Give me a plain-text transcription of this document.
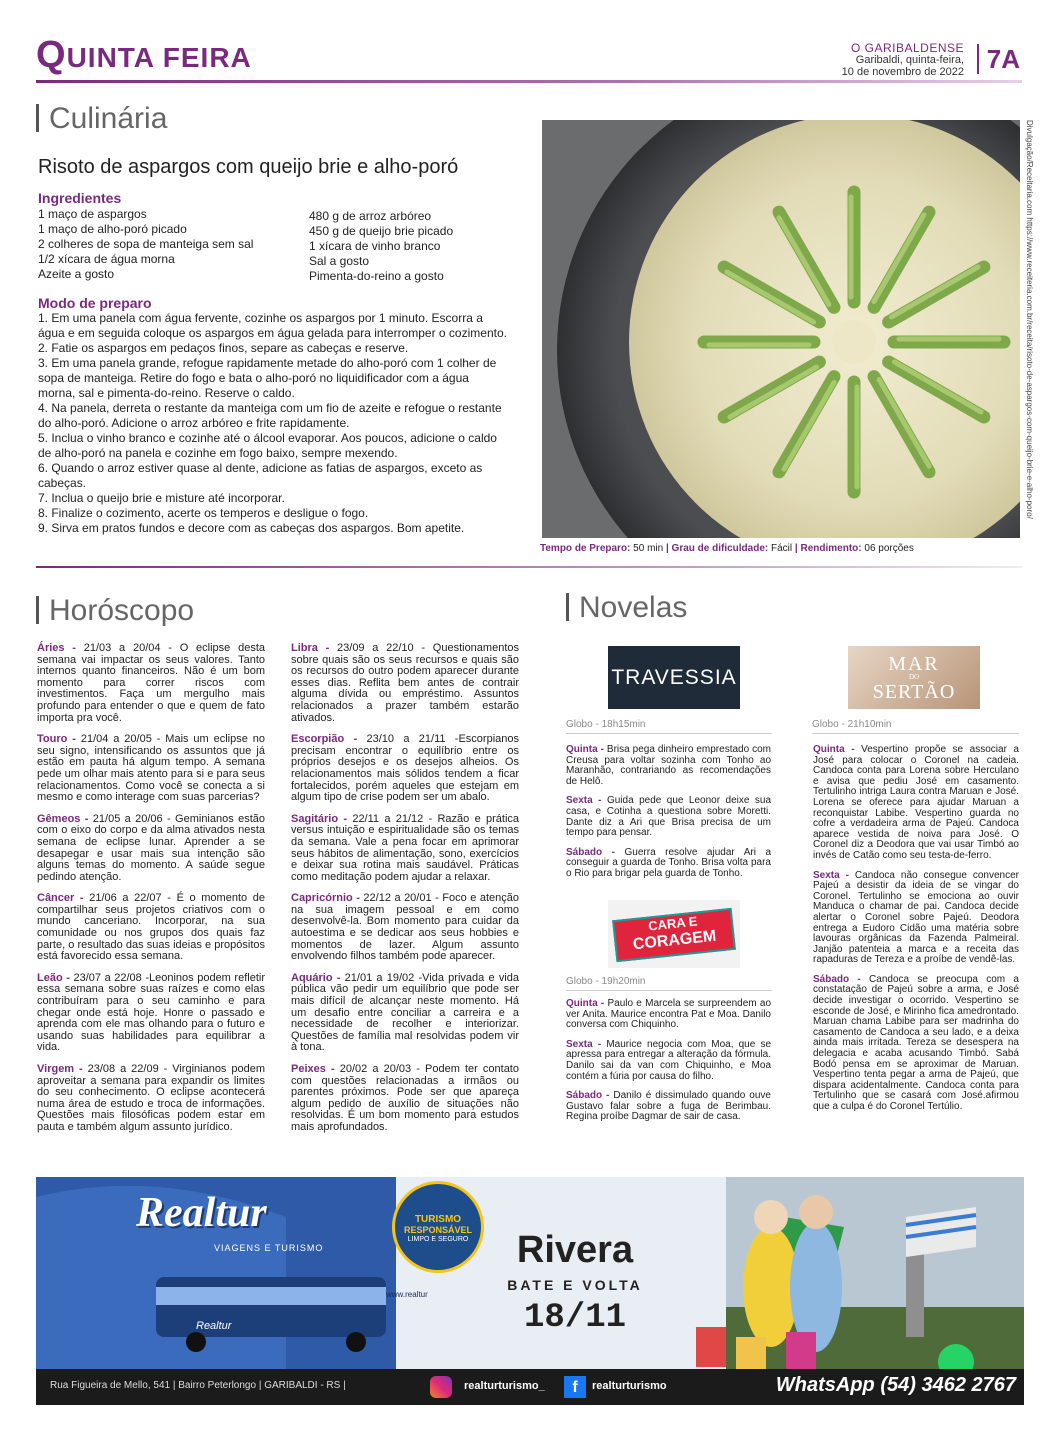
QUINTA FEIRA	O GARIBALDENSE
Garibaldi, quinta-feira,
10 de novembro de 2022 7A
Culinária
Risoto de aspargos com queijo brie e alho-poró
Ingredientes
1 maço de aspargos
1 maço de alho-poró picado
2 colheres de sopa de manteiga sem sal
1/2 xícara de água morna
Azeite a gosto
480 g de arroz arbóreo
450 g de queijo brie picado
1 xícara de vinho branco
Sal a gosto
Pimenta-do-reino a gosto
Modo de preparo

1. Em uma panela com água fervente, cozinhe os aspargos por 1 minuto. Escorra a água e em seguida coloque os aspargos em água gelada para interromper o cozimento.

2. Fatie os aspargos em pedaços finos, separe as cabeças e reserve.

3. Em uma panela grande, refogue rapidamente metade do alho-poró com 1 colher de sopa de manteiga. Retire do fogo e bata o alho-poró no liquidificador com a água morna, sal e pimenta-do-reino. Reserve o caldo.

4. Na panela, derreta o restante da manteiga com um fio de azeite e refogue o restante do alho-poró. Adicione o arroz arbóreo e frite rapidamente.

5. Inclua o vinho branco e cozinhe até o álcool evaporar. Aos poucos, adicione o caldo de alho-poró na panela e cozinhe em fogo baixo, sempre mexendo.

6. Quando o arroz estiver quase al dente, adicione as fatias de aspargos, exceto as cabeças.

7. Inclua o queijo brie e misture até incorporar.

8. Finalize o cozimento, acerte os temperos e desligue o fogo.

9. Sirva em pratos fundos e decore com as cabeças dos aspargos. Bom apetite.

Divulgação/Receitaria.com https://www.receiteria.com.br/receita/risoto-de-aspargos-com-queijo-brie-e-alho-poro/
Tempo de Preparo: 50 min | Grau de dificuldade: Fácil | Rendimento: 06 porções
Horóscopo
Áries - 21/03 a 20/04 - O eclipse desta semana vai impactar os seus valores. Tanto internos quanto financeiros. Não é um bom momento para correr riscos com investimentos. Faça um mergulho mais profundo para entender o que e quem de fato importa pra você.
Touro - 21/04 a 20/05 - Mais um eclipse no seu signo, intensificando os assuntos que já estão em pauta há algum tempo. A semana pede um olhar mais atento para si e para seus relacionamentos. Como você se conecta a si mesmo e como interage com suas parcerias?
Gêmeos - 21/05 a 20/06 - Geminianos estão com o eixo do corpo e da alma ativados nesta semana de eclipse lunar. Aprender a se desapegar e usar mais sua intenção são alguns temas do momento. A saúde segue pedindo atenção.
Câncer - 21/06 a 22/07 - É o momento de compartilhar seus projetos criativos com o mundo canceriano. Incorporar, na sua comunidade ou nos grupos dos quais faz parte, o resultado das suas ideias e propósitos está favorecido essa semana.
Leão - 23/07 a 22/08 -Leoninos podem refletir essa semana sobre suas raízes e como elas contribuíram para o seu caminho e para chegar onde está hoje. Honre o passado e aprenda com ele mas olhando para o futuro e usando suas habilidades para equilibrar a vida.
Virgem - 23/08 a 22/09 - Virginianos podem aproveitar a semana para expandir os limites do seu conhecimento. O eclipse acontecerá numa área de estudo e troca de informações. Questões mais filosóficas podem estar em pauta e também algum assunto jurídico.
Libra - 23/09 a 22/10 - Questionamentos sobre quais são os seus recursos e quais são os recursos do outro podem aparecer durante esses dias. Reflita bem antes de contrair alguma dívida ou empréstimo. Assuntos relacionados a prazer também estarão ativados.
Escorpião - 23/10 a 21/11 -Escorpianos precisam encontrar o equilíbrio entre os próprios desejos e os desejos alheios. Os relacionamentos mais sólidos tendem a ficar fortalecidos, porém aqueles que estejam em algum tipo de crise podem ser um abalo.
Sagitário - 22/11 a 21/12 - Razão e prática versus intuição e espiritualidade são os temas da semana. Vale a pena focar em aprimorar seus hábitos de alimentação, sono, exercícios e deixar sua rotina mais saudável. Práticas como meditação podem ajudar a relaxar.
Capricórnio - 22/12 a 20/01 - Foco e atenção na sua imagem pessoal e em como desenvolvê-la. Bom momento para cuidar da autoestima e se dedicar aos seus hobbies e momentos de lazer. Algum assunto envolvendo filhos também pode aparecer.
Aquário - 21/01 a 19/02 -Vida privada e vida pública vão pedir um equilíbrio que pode ser mais difícil de alcançar neste momento. Há um desafio entre conciliar a carreira e a necessidade de recolher e interiorizar. Questões de família mal resolvidas podem vir à tona.
Peixes - 20/02 a 20/03 - Podem ter contato com questões relacionadas a irmãos ou parentes próximos. Pode ser que apareça algum pedido de auxílio de situações não resolvidas. É um bom momento para estudos mais aprofundados.
Novelas
TRAVESSIA
Globo - 18h15min

Quinta - Brisa pega dinheiro emprestado com Creusa para voltar sozinha com Tonho ao Maranhão, contrariando as recomendações de Helô.

Sexta - Guida pede que Leonor deixe sua casa, e Cotinha a questiona sobre Moretti. Dante diz a Ari que Brisa precisa de um tempo para pensar.

Sábado - Guerra resolve ajudar Ari a conseguir a guarda de Tonho. Brisa volta para o Rio para brigar pela guarda de Tonho.

CARA E
CORAGEM
Globo - 19h20min

Quinta - Paulo e Marcela se surpreendem ao ver Anita. Maurice encontra Pat e Moa. Danilo conversa com Chiquinho.

Sexta - Maurice negocia com Moa, que se apressa para entregar a alteração da fórmula. Danilo sai da van com Chiquinho, e Moa contém a fúria por causa do filho.

Sábado - Danilo é dissimulado quando ouve Gustavo falar sobre a fuga de Berimbau. Regina proíbe Dagmar de sair de casa.

MAR
DO
SERTÃO
Globo - 21h10min

Quinta - Vespertino propõe se associar a José para colocar o Coronel na cadeia. Candoca conta para Lorena sobre Herculano e avisa que pediu José em casamento. Tertulinho intriga Laura contra Maruan e José. Lorena se oferece para ajudar Maruan a reconquistar Labibe. Vespertino guarda no cofre a verdadeira arma de Pajeú. Candoca aparece vestida de noiva para José. O Coronel diz a Deodora que vai usar Timbó ao invés de Catão como seu testa-de-ferro.

Sexta - Candoca não consegue convencer Pajeú a desistir da ideia de se vingar do Coronel. Tertulinho se emociona ao ouvir Manduca o chamar de pai. Candoca decide alertar o Coronel sobre Pajeú. Deodora entrega a Eudoro Cidão uma matéria sobre lavouras orgânicas da Fazenda Palmeiral. Janjão patenteia a marca e a receita das rapaduras de Tereza e a proíbe de vendê-las.

Sábado - Candoca se preocupa com a constatação de Pajeú sobre a arma, e José decide investigar o ocorrido. Vespertino se esconde de José, e Mirinho fica amedrontado. Maruan chama Labibe para ser madrinha do casamento de Candoca a seu lado, e a deixa ainda mais irritada. Tereza se desespera na delegacia e acaba acusando Timbó. Sabá Bodó pensa em se aproximar de Maruan. Vespertino tenta pegar a arma de Pajeú, que dispara acidentalmente. Candoca conta para Tertulinho que se casará com José.afirmou que a culpa é do Coronel Tertúlio.

Realtur
VIAGENS E TURISMO
TURISMO
RESPONSÁVEL
LIMPO E SEGURO	Rivera
BATE E VOLTA
18/11
Realtur
www.realtur
Rua Figueira de Mello, 541 | Bairro Peterlongo | GARIBALDI - RS |	realturturismo_	f	realturturismo	WhatsApp (54) 3462 2767
